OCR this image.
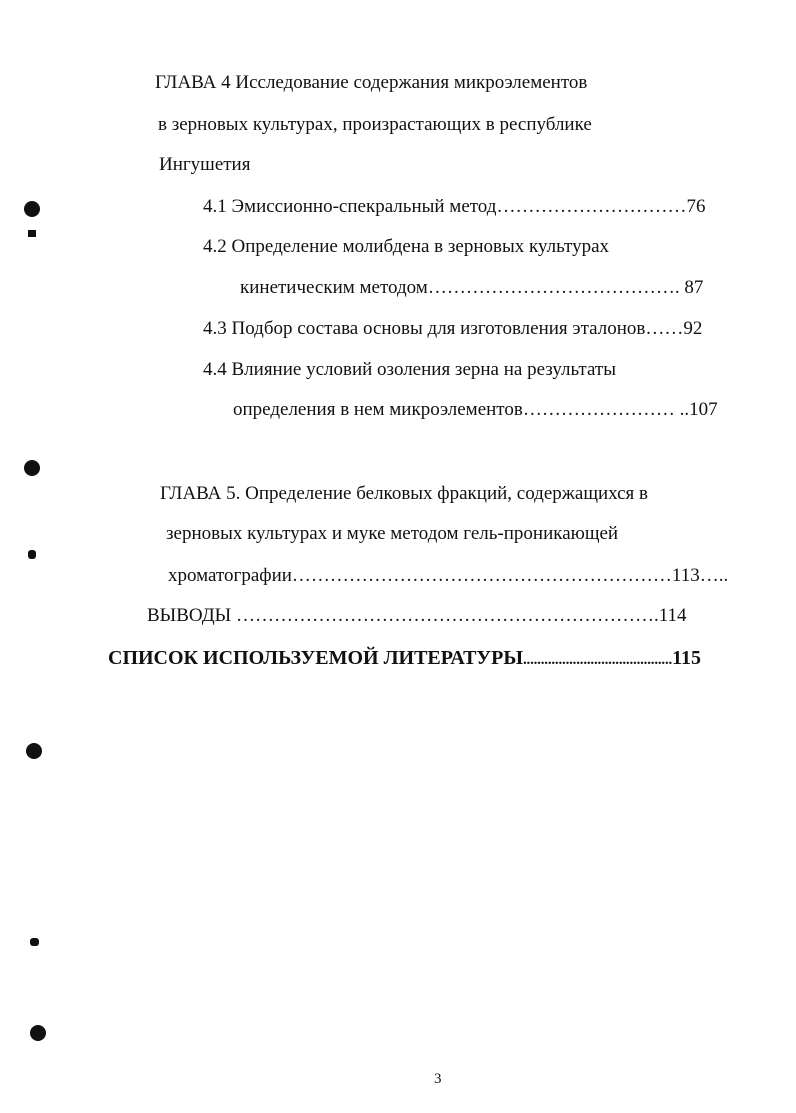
ГЛАВА 4 Исследование содержания микроэлементов
в зерновых культурах, произрастающих в республике
Ингушетия
4.1 Эмиссионно-спекральный метод…………………………76
4.2 Определение молибдена в зерновых культурах
кинетическим методом…………………………………. 87
4.3 Подбор состава основы для изготовления эталонов……92
4.4 Влияние условий озоления зерна на результаты
определения в нем микроэлементов…………………… ..107
ГЛАВА 5. Определение белковых фракций, содержащихся в
зерновых культурах и муке методом гель-проникающей
хроматографии……………………………………………………113…..
ВЫВОДЫ ………………………………………………………….114
СПИСОК ИСПОЛЬЗУЕМОЙ ЛИТЕРАТУРЫ..........................................115
3
